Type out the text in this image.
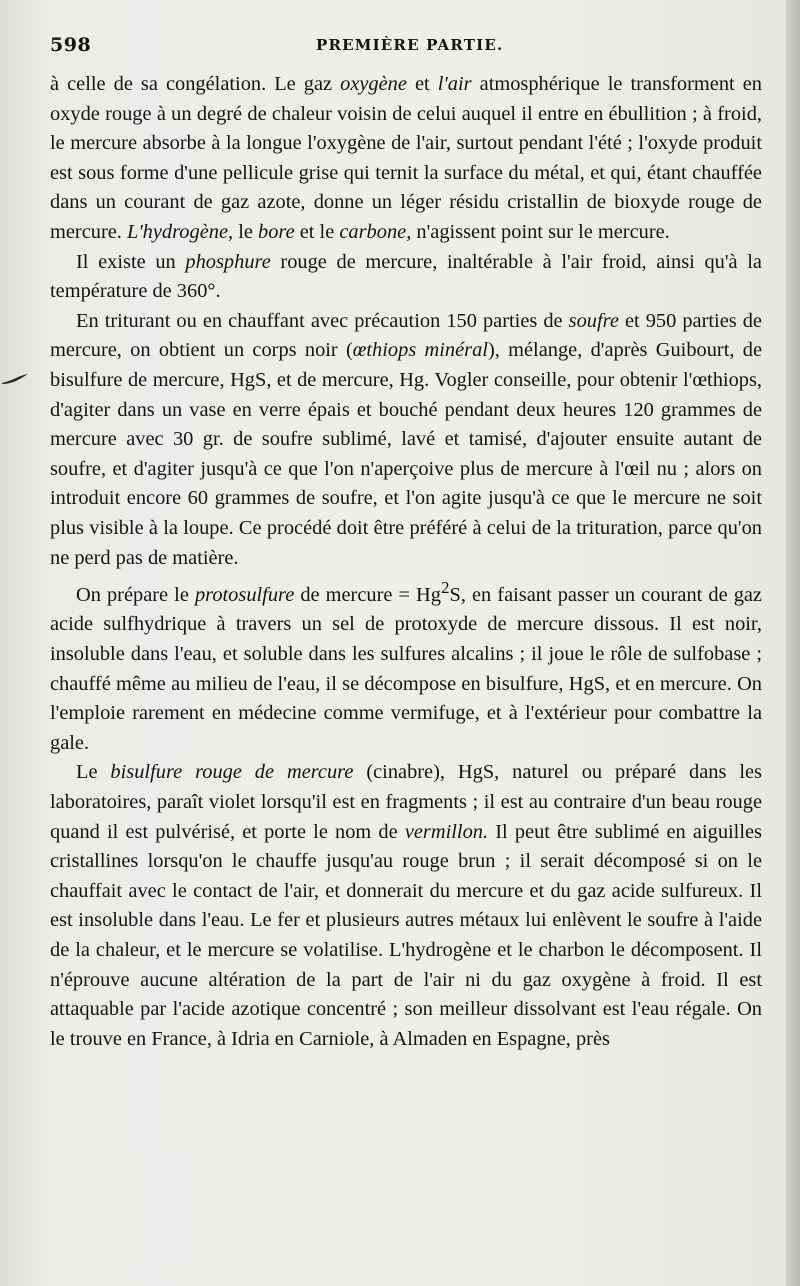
598	PREMIÈRE PARTIE.

à celle de sa congélation. Le gaz oxygène et l'air atmosphérique le transforment en oxyde rouge à un degré de chaleur voisin de celui auquel il entre en ébullition ; à froid, le mercure absorbe à la longue l'oxygène de l'air, surtout pendant l'été ; l'oxyde produit est sous forme d'une pellicule grise qui ternit la surface du métal, et qui, étant chauffée dans un courant de gaz azote, donne un léger résidu cristallin de bioxyde rouge de mercure. L'hydrogène, le bore et le carbone, n'agissent point sur le mercure.

Il existe un phosphure rouge de mercure, inaltérable à l'air froid, ainsi qu'à la température de 360°.

En triturant ou en chauffant avec précaution 150 parties de soufre et 950 parties de mercure, on obtient un corps noir (œthiops minéral), mélange, d'après Guibourt, de bisulfure de mercure, HgS, et de mercure, Hg. Vogler conseille, pour obtenir l'œthiops, d'agiter dans un vase en verre épais et bouché pendant deux heures 120 grammes de mercure avec 30 gr. de soufre sublimé, lavé et tamisé, d'ajouter ensuite autant de soufre, et d'agiter jusqu'à ce que l'on n'aperçoive plus de mercure à l'œil nu ; alors on introduit encore 60 grammes de soufre, et l'on agite jusqu'à ce que le mercure ne soit plus visible à la loupe. Ce procédé doit être préféré à celui de la trituration, parce qu'on ne perd pas de matière.

On prépare le protosulfure de mercure = $Hg^2S$, en faisant passer un courant de gaz acide sulfhydrique à travers un sel de protoxyde de mercure dissous. Il est noir, insoluble dans l'eau, et soluble dans les sulfures alcalins ; il joue le rôle de sulfobase ; chauffé même au milieu de l'eau, il se décompose en bisulfure, HgS, et en mercure. On l'emploie rarement en médecine comme vermifuge, et à l'extérieur pour combattre la gale.

Le bisulfure rouge de mercure (cinabre), HgS, naturel ou préparé dans les laboratoires, paraît violet lorsqu'il est en fragments ; il est au contraire d'un beau rouge quand il est pulvérisé, et porte le nom de vermillon. Il peut être sublimé en aiguilles cristallines lorsqu'on le chauffe jusqu'au rouge brun ; il serait décomposé si on le chauffait avec le contact de l'air, et donnerait du mercure et du gaz acide sulfureux. Il est insoluble dans l'eau. Le fer et plusieurs autres métaux lui enlèvent le soufre à l'aide de la chaleur, et le mercure se volatilise. L'hydrogène et le charbon le décomposent. Il n'éprouve aucune altération de la part de l'air ni du gaz oxygène à froid. Il est attaquable par l'acide azotique concentré ; son meilleur dissolvant est l'eau régale. On le trouve en France, à Idria en Carniole, à Almaden en Espagne, près
